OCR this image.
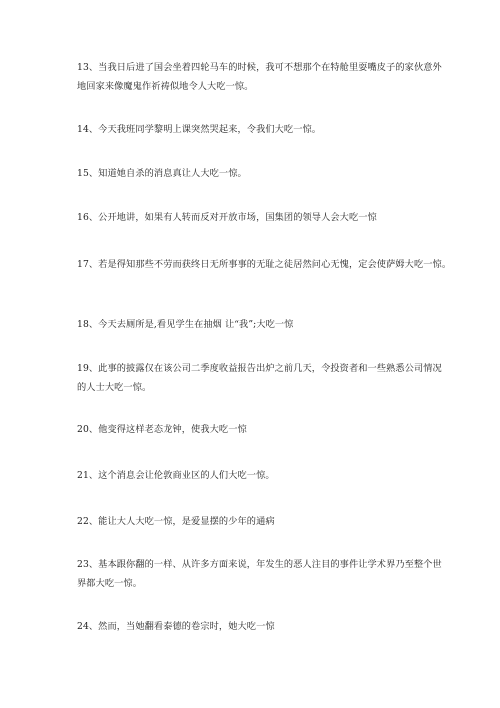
13、当我日后进了国会坐着四轮马车的时候，我可不想那个在特舱里耍嘴皮子的家伙意外
地回家来像魔鬼作祈祷似地令人大吃一惊。
14、今天我班同学黎明上课突然哭起来，令我们大吃一惊。
15、知道她自杀的消息真让人大吃一惊。
16、公开地讲，如果有人转而反对开放市场，国集团的领导人会大吃一惊
17、若是得知那些不劳而获终日无所事事的无耻之徒居然问心无愧，定会使萨姆大吃一惊。
18、今天去厕所是,看见学生在抽烟 让“我”;大吃一惊
19、此事的披露仅在该公司二季度收益报告出炉之前几天，令投资者和一些熟悉公司情况
的人士大吃一惊。
20、他变得这样老态龙钟，使我大吃一惊
21、这个消息会让伦敦商业区的人们大吃一惊。
22、能让大人大吃一惊，是爱显摆的少年的通病
23、基本跟你翻的一样、从许多方面来说，年发生的恶人注目的事件让学术界乃至整个世
界都大吃一惊。
24、然而，当她翻看泰德的卷宗时，她大吃一惊
